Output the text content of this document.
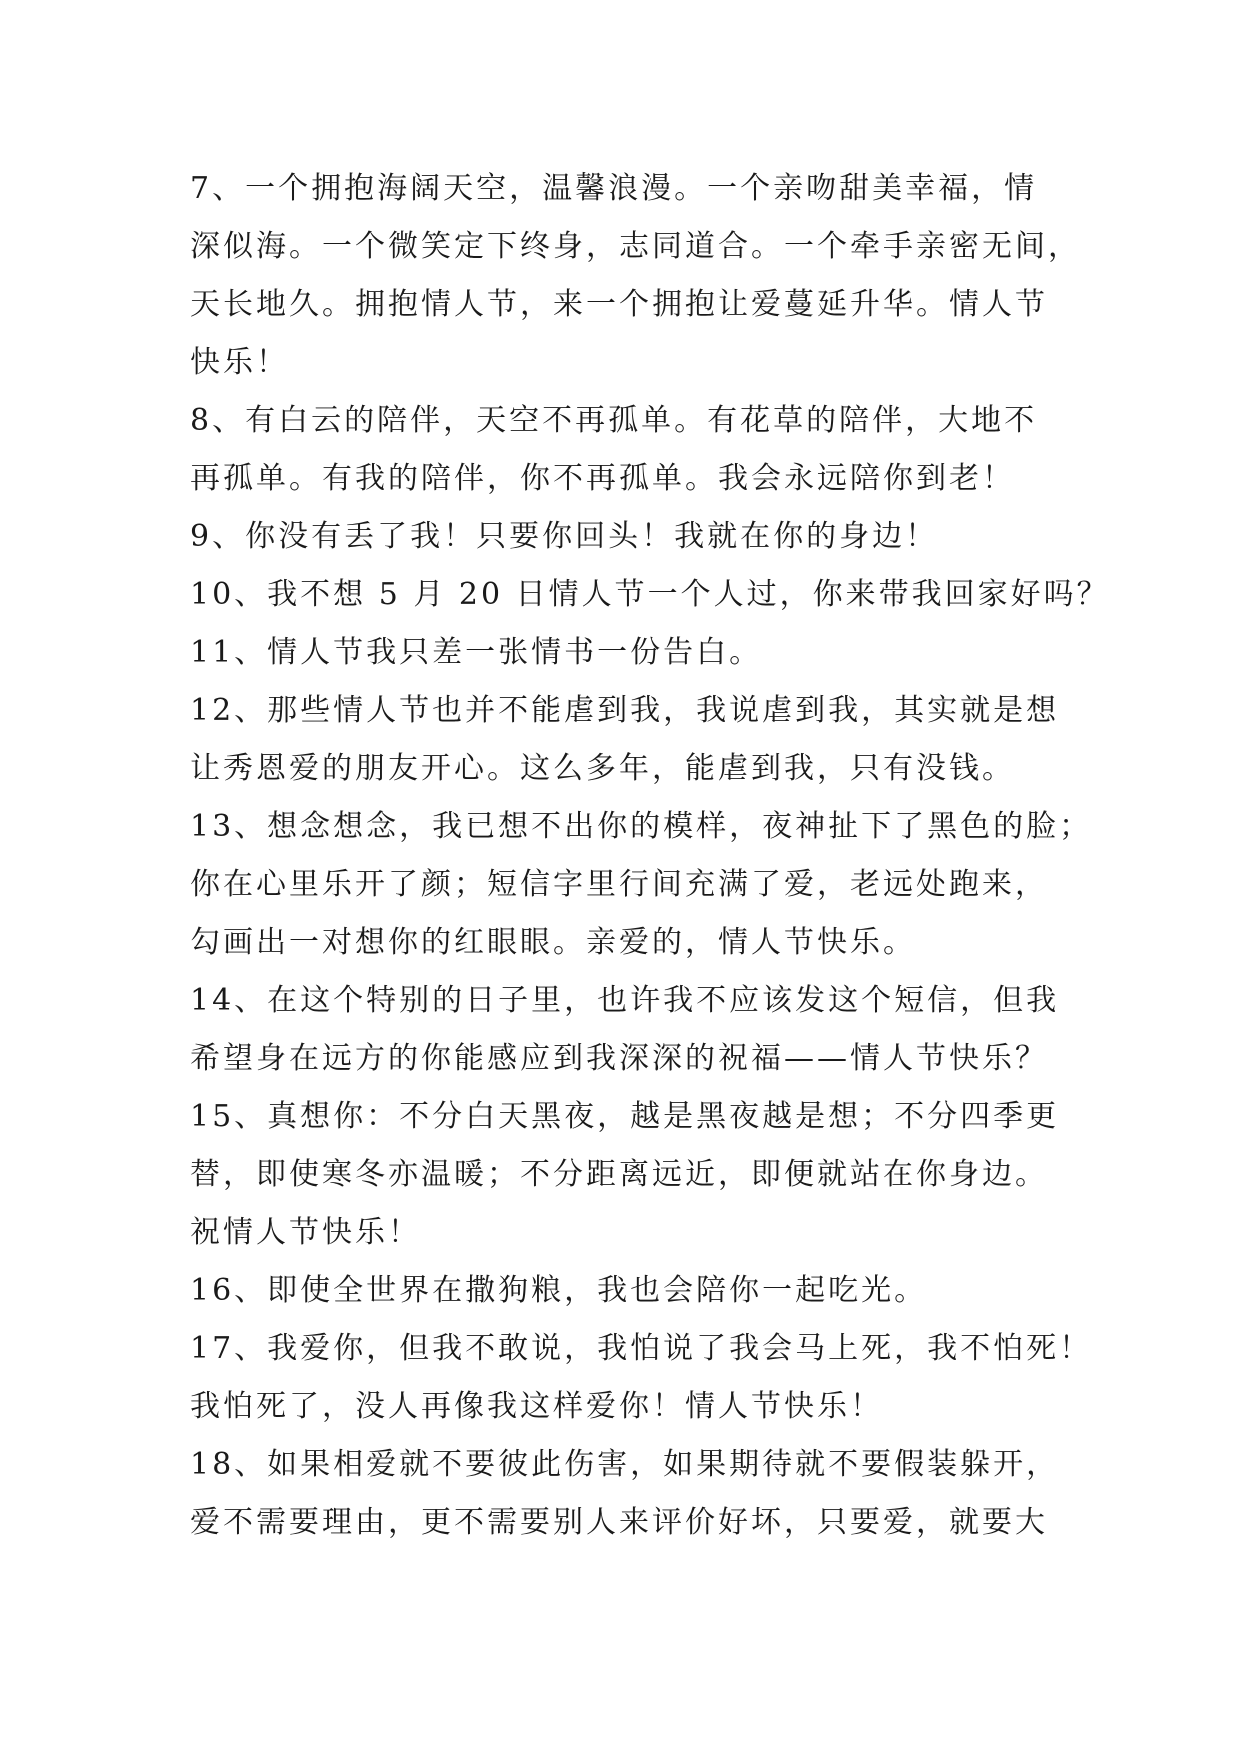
7、一个拥抱海阔天空，温馨浪漫。一个亲吻甜美幸福，情
深似海。一个微笑定下终身，志同道合。一个牵手亲密无间，
天长地久。拥抱情人节，来一个拥抱让爱蔓延升华。情人节
快乐！
8、有白云的陪伴，天空不再孤单。有花草的陪伴，大地不
再孤单。有我的陪伴，你不再孤单。我会永远陪你到老！
9、你没有丢了我！只要你回头！我就在你的身边！
10、我不想 5 月 20 日情人节一个人过，你来带我回家好吗？
11、情人节我只差一张情书一份告白。
12、那些情人节也并不能虐到我，我说虐到我，其实就是想
让秀恩爱的朋友开心。这么多年，能虐到我，只有没钱。
13、想念想念，我已想不出你的模样，夜神扯下了黑色的脸；
你在心里乐开了颜；短信字里行间充满了爱，老远处跑来，
勾画出一对想你的红眼眼。亲爱的，情人节快乐。
14、在这个特别的日子里，也许我不应该发这个短信，但我
希望身在远方的你能感应到我深深的祝福——情人节快乐？
15、真想你：不分白天黑夜，越是黑夜越是想；不分四季更
替，即使寒冬亦温暖；不分距离远近，即便就站在你身边。
祝情人节快乐！
16、即使全世界在撒狗粮，我也会陪你一起吃光。
17、我爱你，但我不敢说，我怕说了我会马上死，我不怕死！
我怕死了，没人再像我这样爱你！情人节快乐！
18、如果相爱就不要彼此伤害，如果期待就不要假装躲开，
爱不需要理由，更不需要别人来评价好坏，只要爱，就要大
